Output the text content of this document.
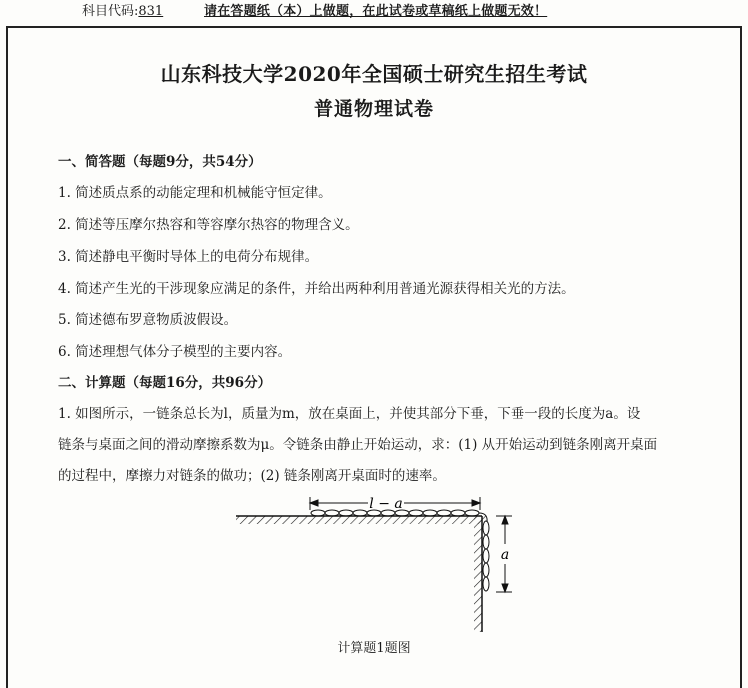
科目代码:831	请在答题纸（本）上做题，在此试卷或草稿纸上做题无效！
山东科技大学2020年全国硕士研究生招生考试
普通物理试卷
一、简答题（每题9分，共54分）
1. 简述质点系的动能定理和机械能守恒定律。
2. 简述等压摩尔热容和等容摩尔热容的物理含义。
3. 简述静电平衡时导体上的电荷分布规律。
4. 简述产生光的干涉现象应满足的条件，并给出两种利用普通光源获得相关光的方法。
5. 简述德布罗意物质波假设。
6. 简述理想气体分子模型的主要内容。
二、计算题（每题16分，共96分）
1. 如图所示，一链条总长为l，质量为m，放在桌面上，并使其部分下垂，下垂一段的长度为a。设
链条与桌面之间的滑动摩擦系数为μ。令链条由静止开始运动，求：(1) 从开始运动到链条刚离开桌面
的过程中，摩擦力对链条的做功；(2) 链条刚离开桌面时的速率。
l − a
a
计算题1题图
